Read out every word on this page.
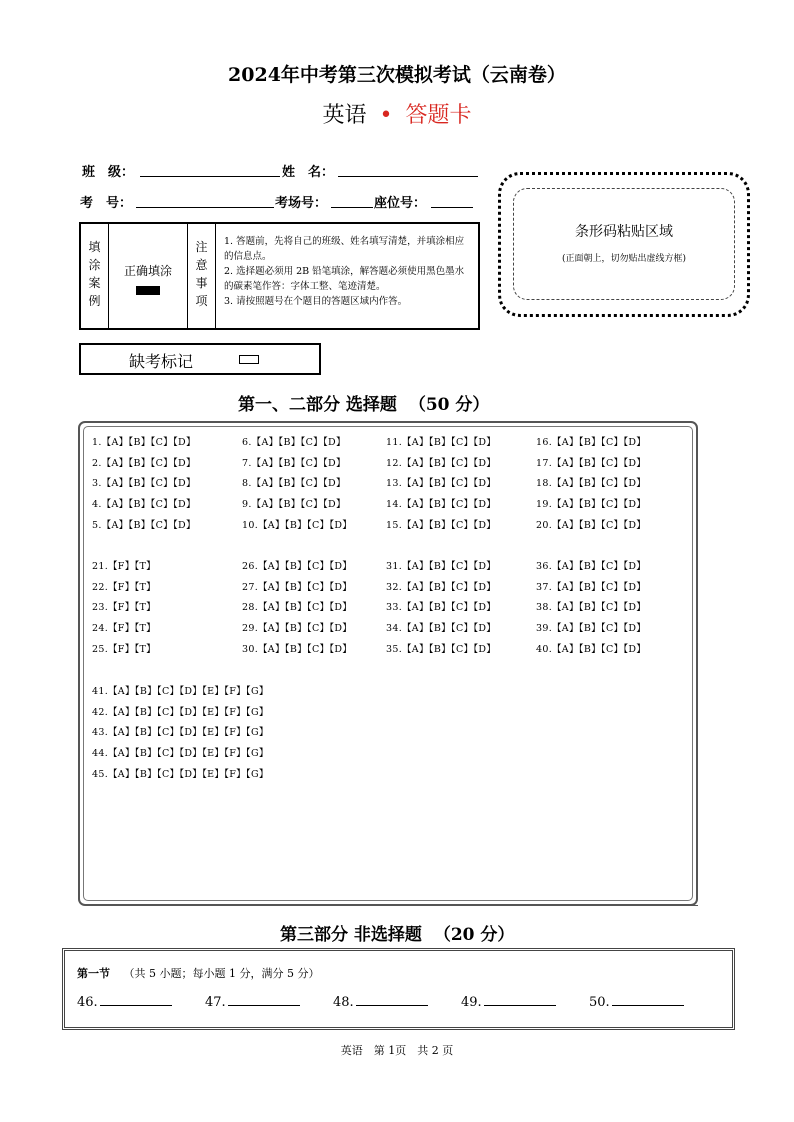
2024年中考第三次模拟考试（云南卷）
英语 • 答题卡
班　级：	姓　名：
考　号：	考场号：	座位号：
条形码粘贴区域
(正面朝上，切勿贴出虚线方框)
填
涂
案
例
正确填涂
注
意
事
项
1. 答题前，先将自己的班级、姓名填写清楚，并填涂相应的信息点。
2. 选择题必须用 2B 铅笔填涂，解答题必须使用黑色墨水的碳素笔作答：字体工整、笔迹清楚。
3. 请按照题号在个题目的答题区域内作答。
缺考标记
第一、二部分 选择题 （50 分）
1.【A】【B】【C】【D】	6.【A】【B】【C】【D】	11.【A】【B】【C】【D】	16.【A】【B】【C】【D】
2.【A】【B】【C】【D】	7.【A】【B】【C】【D】	12.【A】【B】【C】【D】	17.【A】【B】【C】【D】
3.【A】【B】【C】【D】	8.【A】【B】【C】【D】	13.【A】【B】【C】【D】	18.【A】【B】【C】【D】
4.【A】【B】【C】【D】	9.【A】【B】【C】【D】	14.【A】【B】【C】【D】	19.【A】【B】【C】【D】
5.【A】【B】【C】【D】	10.【A】【B】【C】【D】	15.【A】【B】【C】【D】	20.【A】【B】【C】【D】
21.【F】【T】	26.【A】【B】【C】【D】	31.【A】【B】【C】【D】	36.【A】【B】【C】【D】
22.【F】【T】	27.【A】【B】【C】【D】	32.【A】【B】【C】【D】	37.【A】【B】【C】【D】
23.【F】【T】	28.【A】【B】【C】【D】	33.【A】【B】【C】【D】	38.【A】【B】【C】【D】
24.【F】【T】	29.【A】【B】【C】【D】	34.【A】【B】【C】【D】	39.【A】【B】【C】【D】
25.【F】【T】	30.【A】【B】【C】【D】	35.【A】【B】【C】【D】	40.【A】【B】【C】【D】
41.【A】【B】【C】【D】【E】【F】【G】
42.【A】【B】【C】【D】【E】【F】【G】
43.【A】【B】【C】【D】【E】【F】【G】
44.【A】【B】【C】【D】【E】【F】【G】
45.【A】【B】【C】【D】【E】【F】【G】
第三部分 非选择题 （20 分）
第一节 （共 5 小题；每小题 1 分，满分 5 分）
46.	47.	48.	49.	50.
英语　第 1页　共 2 页
